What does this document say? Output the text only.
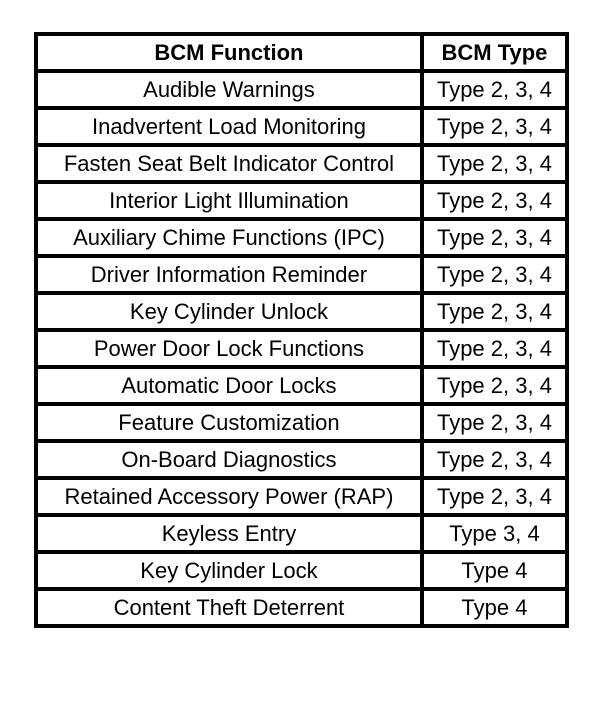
BCM Function	BCM Type
Audible Warnings	Type 2, 3, 4
Inadvertent Load Monitoring	Type 2, 3, 4
Fasten Seat Belt Indicator Control	Type 2, 3, 4
Interior Light Illumination	Type 2, 3, 4
Auxiliary Chime Functions (IPC)	Type 2, 3, 4
Driver Information Reminder	Type 2, 3, 4
Key Cylinder Unlock	Type 2, 3, 4
Power Door Lock Functions	Type 2, 3, 4
Automatic Door Locks	Type 2, 3, 4
Feature Customization	Type 2, 3, 4
On-Board Diagnostics	Type 2, 3, 4
Retained Accessory Power (RAP)	Type 2, 3, 4
Keyless Entry	Type 3, 4
Key Cylinder Lock	Type 4
Content Theft Deterrent	Type 4
